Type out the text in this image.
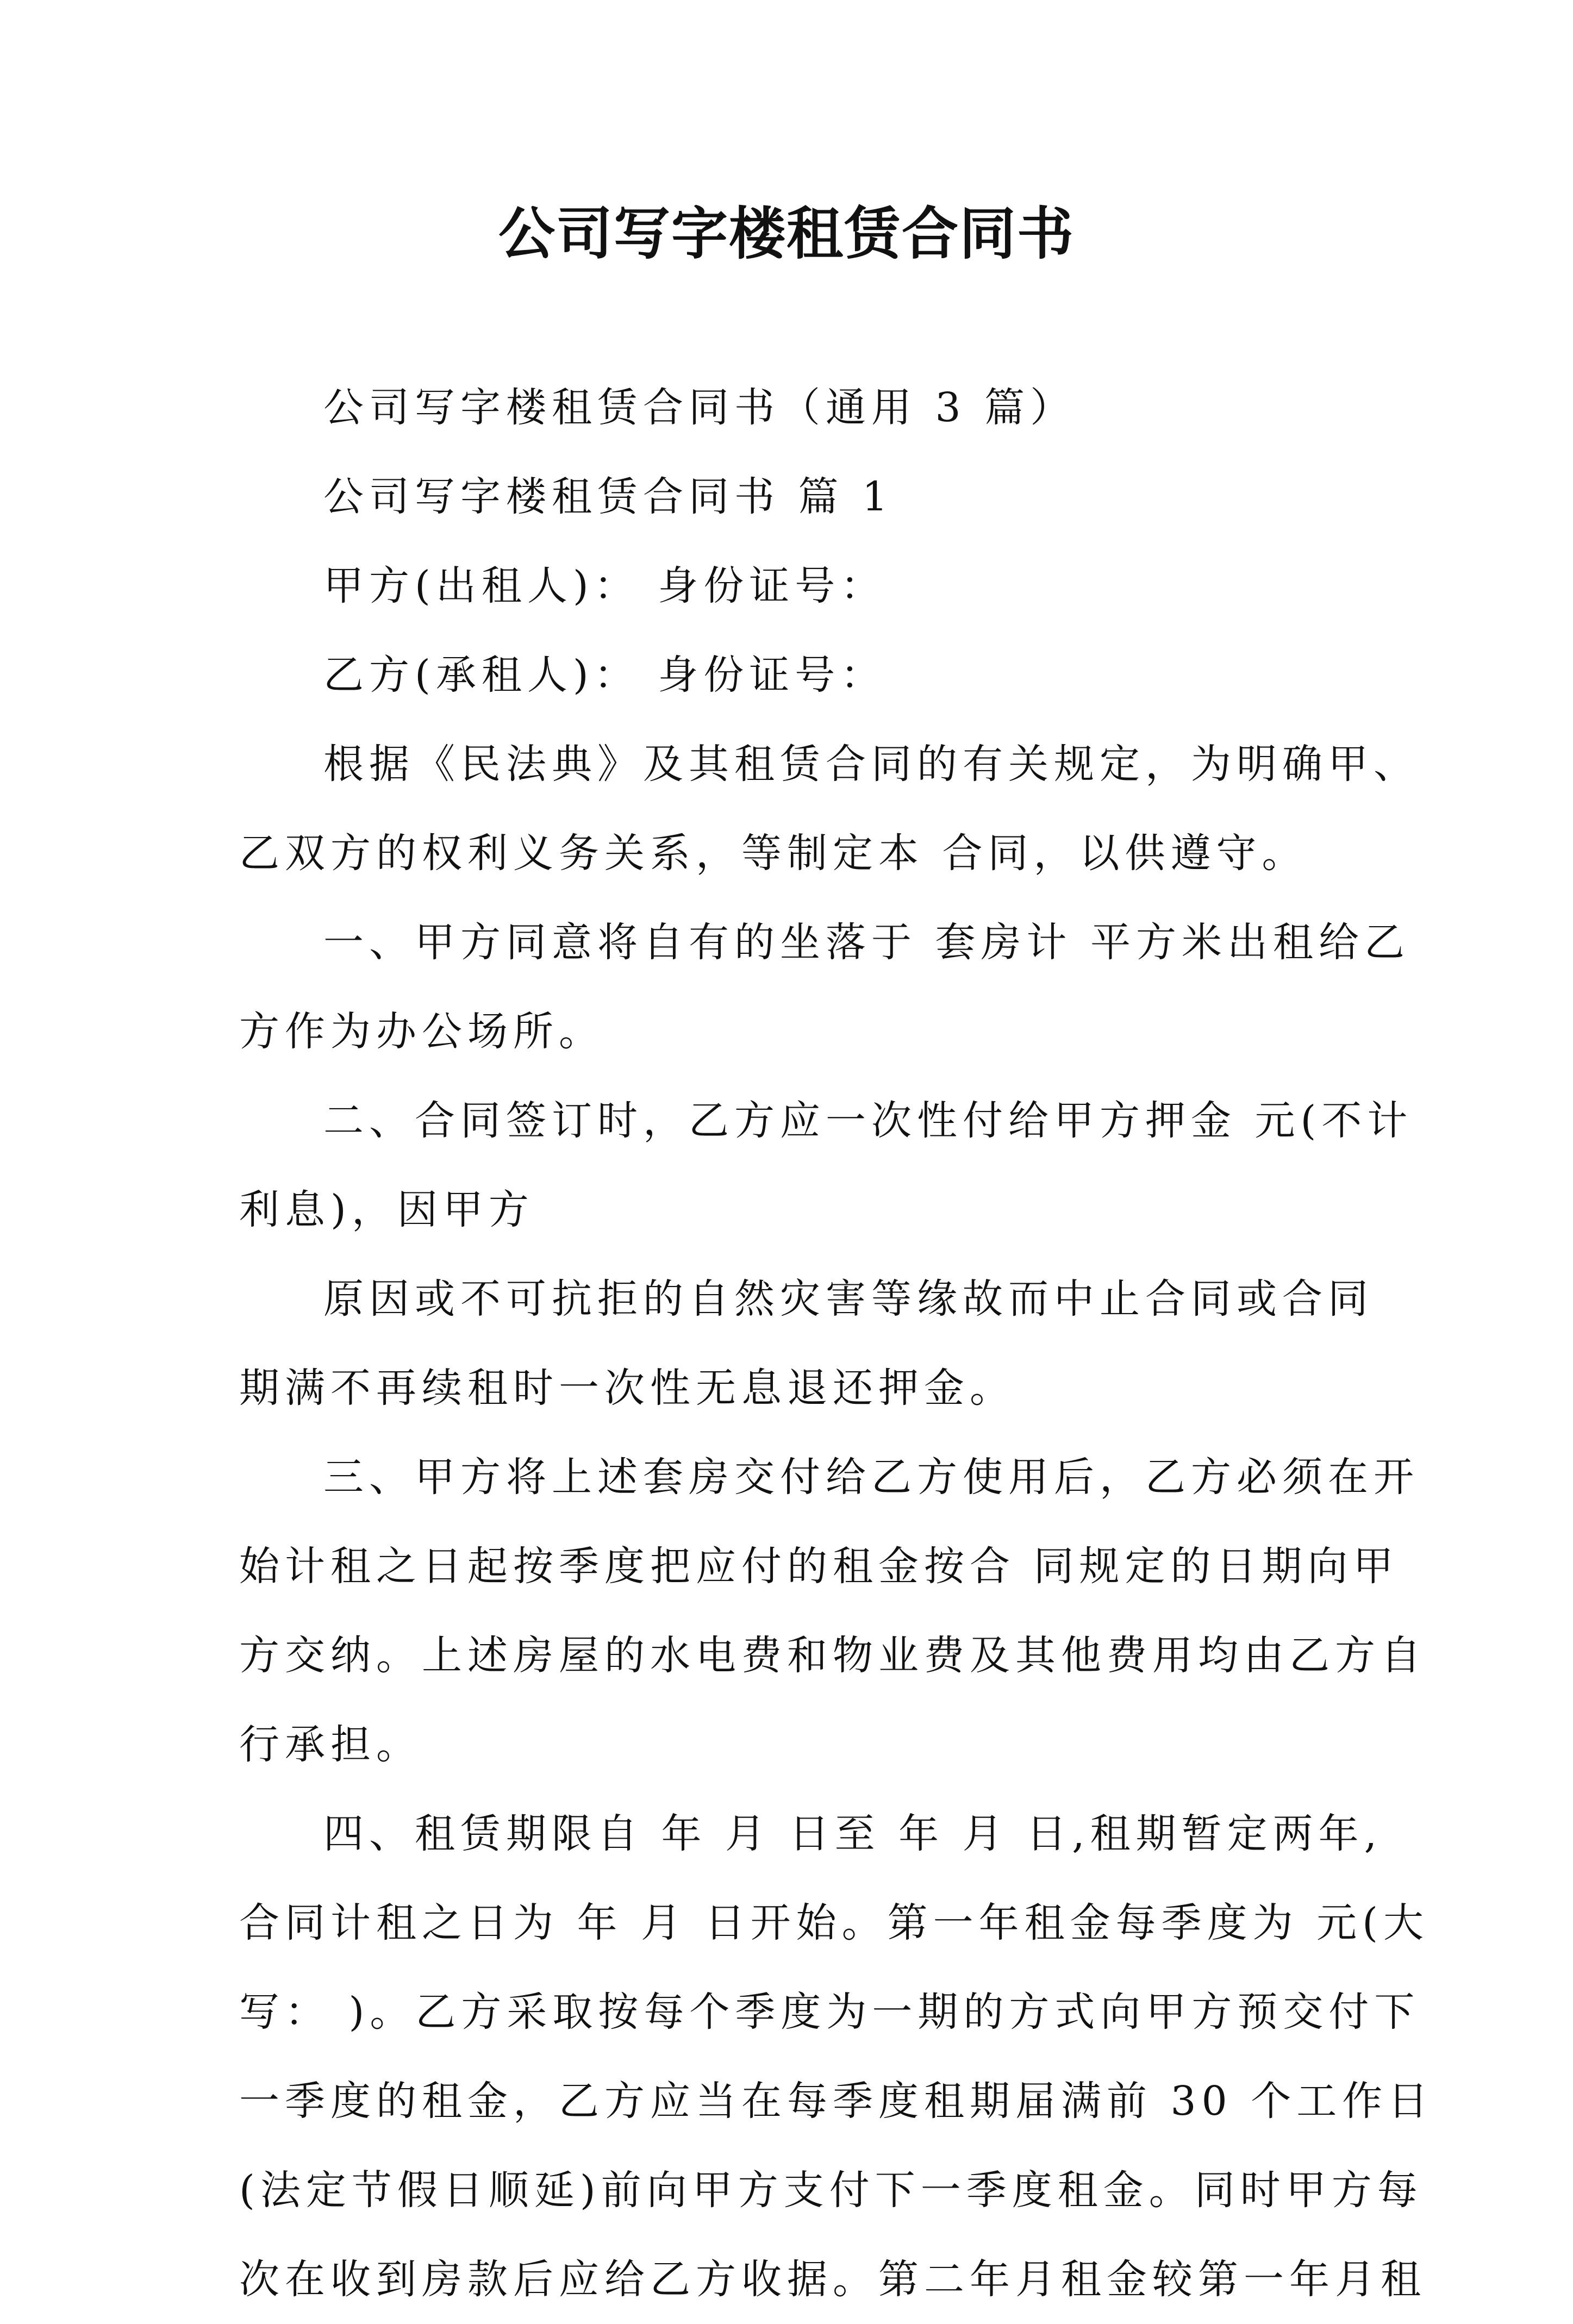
公司写字楼租赁合同书
公司写字楼租赁合同书（通用 3 篇）
公司写字楼租赁合同书 篇 1
甲方(出租人)： 身份证号：
乙方(承租人)： 身份证号：
根据《民法典》及其租赁合同的有关规定，为明确甲、
乙双方的权利义务关系，等制定本 合同，以供遵守。
一、甲方同意将自有的坐落于 套房计 平方米出租给乙
方作为办公场所。
二、合同签订时，乙方应一次性付给甲方押金 元(不计
利息)，因甲方
原因或不可抗拒的自然灾害等缘故而中止合同或合同
期满不再续租时一次性无息退还押金。
三、甲方将上述套房交付给乙方使用后，乙方必须在开
始计租之日起按季度把应付的租金按合 同规定的日期向甲
方交纳。上述房屋的水电费和物业费及其他费用均由乙方自
行承担。
四、租赁期限自 年 月 日至 年 月 日,租期暂定两年,
合同计租之日为 年 月 日开始。第一年租金每季度为 元(大
写： )。乙方采取按每个季度为一期的方式向甲方预交付下
一季度的租金，乙方应当在每季度租期届满前 30 个工作日
(法定节假日顺延)前向甲方支付下一季度租金。同时甲方每
次在收到房款后应给乙方收据。第二年月租金较第一年月租
